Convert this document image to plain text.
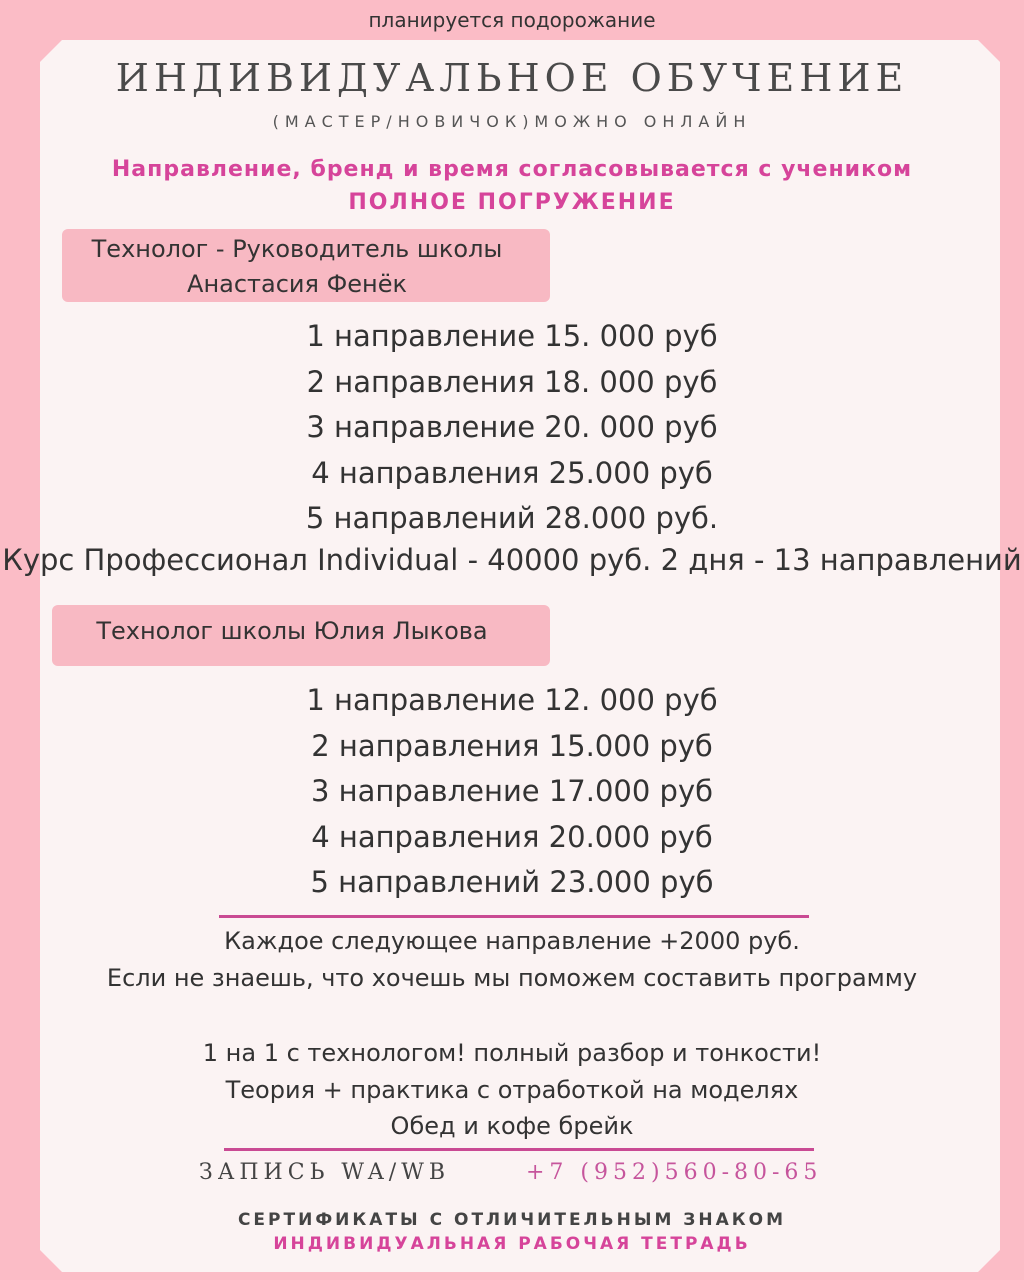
планируется подорожание
ИНДИВИДУАЛЬНОЕ ОБУЧЕНИЕ
(МАСТЕР/НОВИЧОК)МОЖНО ОНЛАЙН
Направление, бренд и время согласовывается с учеником
ПОЛНОЕ ПОГРУЖЕНИЕ
Технолог - Руководитель школы
Анастасия Фенёк
1 направление 15. 000 руб
2 направления 18. 000 руб
3 направление 20. 000 руб
4 направления 25.000 руб
5 направлений 28.000 руб.
Курс Профессионал Individual - 40000 руб. 2 дня - 13 направлений
Технолог школы Юлия Лыкова
1 направление 12. 000 руб
2 направления 15.000 руб
3 направление 17.000 руб
4 направления 20.000 руб
5 направлений 23.000 руб
Каждое следующее направление +2000 руб.
Если не знаешь, что хочешь мы поможем составить программу
1 на 1 с технологом! полный разбор и тонкости!
Теория + практика с отработкой на моделях
Обед и кофе брейк
ЗАПИСЬ WA/WB	+7 (952)560-80-65
СЕРТИФИКАТЫ С ОТЛИЧИТЕЛЬНЫМ ЗНАКОМ
ИНДИВИДУАЛЬНАЯ РАБОЧАЯ ТЕТРАДЬ
